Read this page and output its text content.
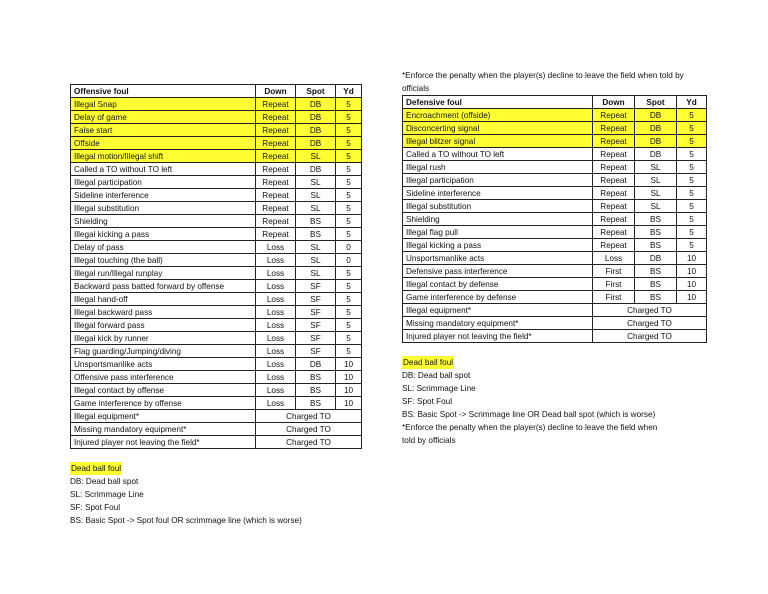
Offensive foul	Down	Spot	Yd
Illegal Snap	Repeat	DB	5
Delay of game	Repeat	DB	5
False start	Repeat	DB	5
Offside	Repeat	DB	5
Illegal motion/Illegal shift	Repeat	SL	5
Called a TO without TO left	Repeat	DB	5
Illegal participation	Repeat	SL	5
Sideline interference	Repeat	SL	5
Illegal substitution	Repeat	SL	5
Shielding	Repeat	BS	5
Illegal kicking a pass	Repeat	BS	5
Delay of pass	Loss	SL	0
Illegal touching (the ball)	Loss	SL	0
Illegal run/Illegal runplay	Loss	SL	5
Backward pass batted forward by offense	Loss	SF	5
Illegal hand-off	Loss	SF	5
Illegal backward pass	Loss	SF	5
Illegal forward pass	Loss	SF	5
Illegal kick by runner	Loss	SF	5
Flag guarding/Jumping/diving	Loss	SF	5
Unsportsmanlike acts	Loss	DB	10
Offensive pass interference	Loss	BS	10
Illegal contact by offense	Loss	BS	10
Game interference by offense	Loss	BS	10
Illegal equipment*	Charged TO		
Missing mandatory equipment*	Charged TO		
Injured player not leaving the field*	Charged TO		
Dead ball foul
DB: Dead ball spot
SL: Scrimmage Line
SF: Spot Foul
BS: Basic Spot -> Spot foul OR scrimmage line (which is worse)
*Enforce the penalty when the player(s) decline to leave the field when told by officials
Defensive foul	Down	Spot	Yd
Encroachment (offside)	Repeat	DB	5
Disconcerting signal	Repeat	DB	5
Illegal blitzer signal	Repeat	DB	5
Called a TO without TO left	Repeat	DB	5
Illegal rush	Repeat	SL	5
Illegal participation	Repeat	SL	5
Sideline interference	Repeat	SL	5
Illegal substitution	Repeat	SL	5
Shielding	Repeat	BS	5
Illegal flag pull	Repeat	BS	5
Illegal kicking a pass	Repeat	BS	5
Unsportsmanlike acts	Loss	DB	10
Defensive pass interference	First	BS	10
Illegal contact by defense	First	BS	10
Game interference by defense	First	BS	10
Illegal equipment*	Charged TO		
Missing mandatory equipment*	Charged TO		
Injured player not leaving the field*	Charged TO		
Dead ball foul
DB: Dead ball spot
SL: Scrimmage Line
SF: Spot Foul
BS: Basic Spot -> Scrimmage line OR Dead ball spot (which is worse)
*Enforce the penalty when the player(s) decline to leave the field when
told by officials
